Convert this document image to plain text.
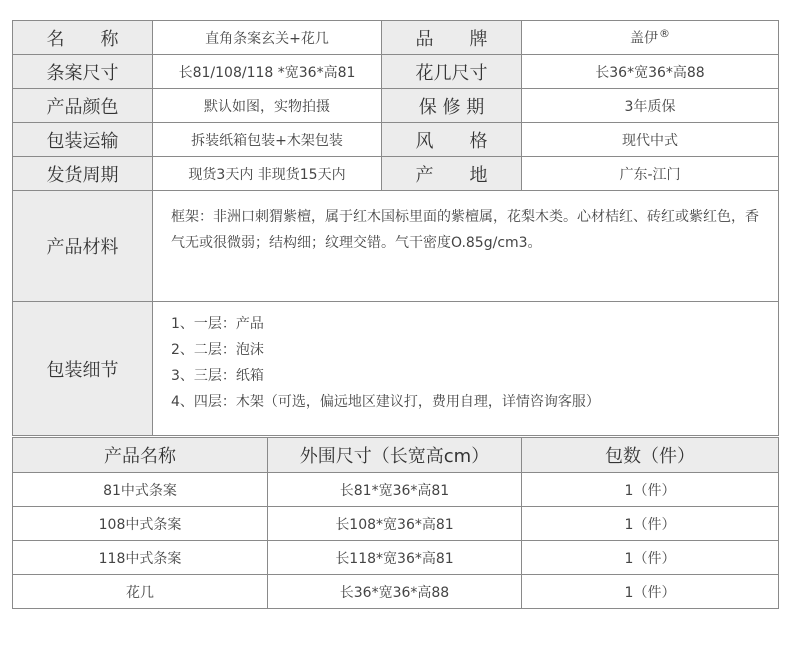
名　　称	直角条案玄关+花几	品　　牌	盖伊®
条案尺寸	长81/108/118 *宽36*高81	花几尺寸	长36*宽36*高88
产品颜色	默认如图，实物拍摄	保 修 期	3年质保
包装运输	拆装纸箱包装+木架包装	风　　格	现代中式
发货周期	现货3天内 非现货15天内	产　　地	广东-江门
产品材料	框架：非洲口刺猬紫檀，属于红木国标里面的紫檀属，花梨木类。心材桔红、砖红或紫红色，香气无或很微弱；结构细；纹理交错。气干密度O.85g/cm3。		
包装细节	1、一层：产品
2、二层：泡沫
3、三层：纸箱
4、四层：木架（可选，偏远地区建议打，费用自理，详情咨询客服）		
产品名称	外围尺寸（长宽高cm）	包数（件）
81中式条案	长81*宽36*高81	1（件）
108中式条案	长108*宽36*高81	1（件）
118中式条案	长118*宽36*高81	1（件）
花几	长36*宽36*高88	1（件）
